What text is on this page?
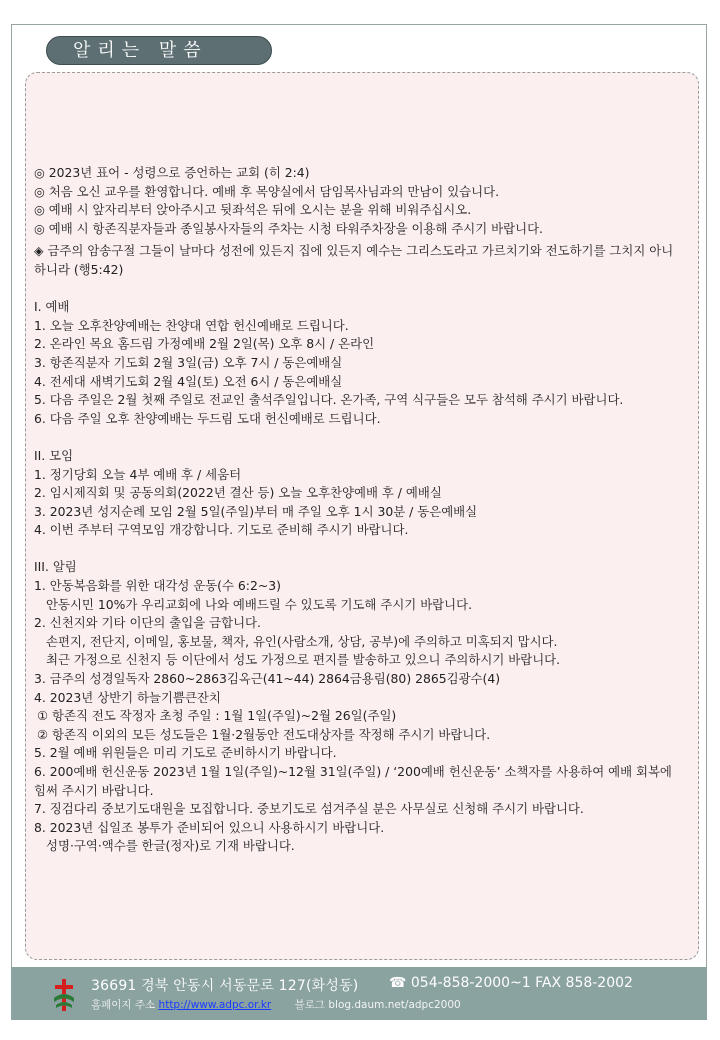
알리는 말씀
◎ 2023년 표어 - 성령으로 증언하는 교회 (히 2:4)
◎ 처음 오신 교우를 환영합니다. 예배 후 목양실에서 담임목사님과의 만남이 있습니다.
◎ 예배 시 앞자리부터 앉아주시고 뒷좌석은 뒤에 오시는 분을 위해 비워주십시오.
◎ 예배 시 항존직분자들과 종일봉사자들의 주차는 시청 타워주차장을 이용해 주시기 바랍니다.
◈ 금주의 암송구절 그들이 날마다 성전에 있든지 집에 있든지 예수는 그리스도라고 가르치기와 전도하기를 그치지 아니하니라 (행5:42)
I. 예배
1. 오늘 오후찬양예배는 찬양대 연합 헌신예배로 드립니다.
2. 온라인 목요 홈드림 가정예배 2월 2일(목) 오후 8시 / 온라인
3. 항존직분자 기도회 2월 3일(금) 오후 7시 / 동은예배실
4. 전세대 새벽기도회 2월 4일(토) 오전 6시 / 동은예배실
5. 다음 주일은 2월 첫째 주일로 전교인 출석주일입니다. 온가족, 구역 식구들은 모두 참석해 주시기 바랍니다.
6. 다음 주일 오후 찬양예배는 두드림 도대 헌신예배로 드립니다.
II. 모임
1. 정기당회 오늘 4부 예배 후 / 세움터
2. 임시제직회 및 공동의회(2022년 결산 등) 오늘 오후찬양예배 후 / 예배실
3. 2023년 성지순례 모임 2월 5일(주일)부터 매 주일 오후 1시 30분 / 동은예배실
4. 이번 주부터 구역모임 개강합니다. 기도로 준비해 주시기 바랍니다.
III. 알림
1. 안동복음화를 위한 대각성 운동(수 6:2~3)
안동시민 10%가 우리교회에 나와 예배드릴 수 있도록 기도해 주시기 바랍니다.
2. 신천지와 기타 이단의 출입을 금합니다.
손편지, 전단지, 이메일, 홍보물, 책자, 유인(사람소개, 상담, 공부)에 주의하고 미혹되지 맙시다.
최근 가정으로 신천지 등 이단에서 성도 가정으로 편지를 발송하고 있으니 주의하시기 바랍니다.
3. 금주의 성경일독자 2860~2863김옥근(41~44) 2864금용림(80) 2865김광수(4)
4. 2023년 상반기 하늘기쁨큰잔치
① 항존직 전도 작정자 초청 주일 : 1월 1일(주일)~2월 26일(주일)
② 항존직 이외의 모든 성도들은 1월·2월동안 전도대상자를 작정해 주시기 바랍니다.
5. 2월 예배 위원들은 미리 기도로 준비하시기 바랍니다.
6. 200예배 헌신운동 2023년 1월 1일(주일)~12월 31일(주일) / ‘200예배 헌신운동’ 소책자를 사용하여 예배 회복에 힘써 주시기 바랍니다.
7. 징검다리 중보기도대원을 모집합니다. 중보기도로 섬겨주실 분은 사무실로 신청해 주시기 바랍니다.
8. 2023년 십일조 봉투가 준비되어 있으니 사용하시기 바랍니다.
성명·구역·액수를 한글(정자)로 기재 바랍니다.
36691 경북 안동시 서동문로 127(화성동) ☎ 054-858-2000~1 FAX 858-2002
홈페이지 주소 http://www.adpc.or.kr 블로그 blog.daum.net/adpc2000
